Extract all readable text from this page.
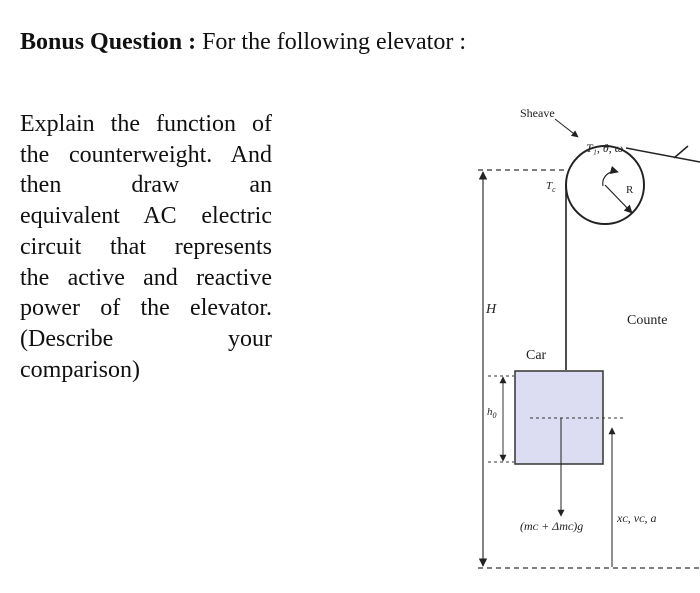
Bonus Question : For the following elevator :
Explain the function of
the counterweight. And
then draw an
equivalent AC electric
circuit that represents
the active and reactive
power of the elevator.
(Describe your
comparison)
H
R
Sheave
T₁, θ, ω
$T_c$
Car
$h_0$
(mᴄ + Δmᴄ)g
Counte
xᴄ, vᴄ, a
